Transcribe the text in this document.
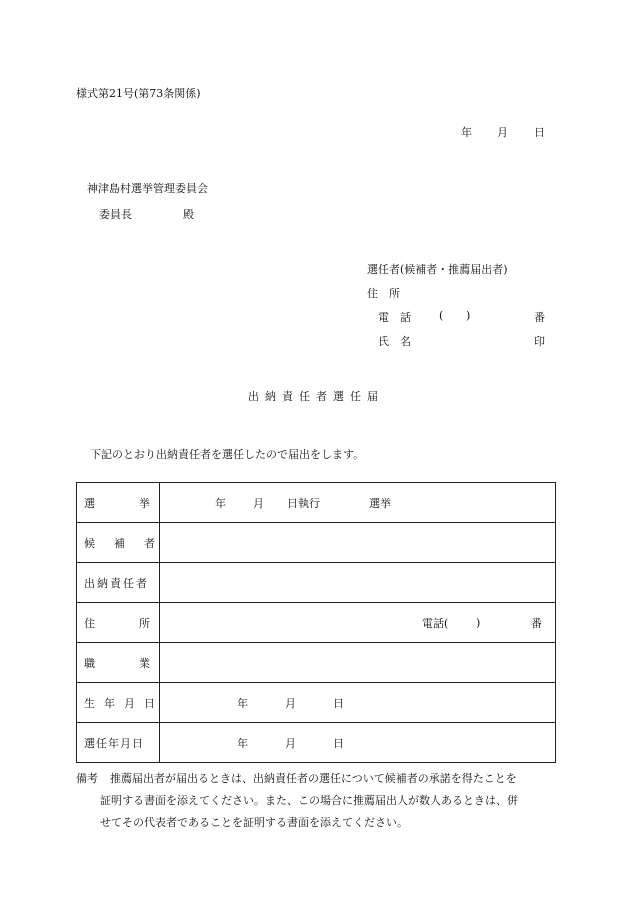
様式第21号(第73条関係)
年 月 日
神津島村選挙管理委員会
委員長	殿
選任者(候補者・推薦届出者)
住　所
電　話	( )	番
氏　名	印
出納責任者選任届
下記のとおり出納責任者を選任したので届出をします。
選挙	年 月 日執行 選挙

候補者	

出納責任者	

住所	電話( ) 番

職業	

生年月日	年 月 日

選任年月日	年 月 日
備考 推薦届出者が届出るときは、出納責任者の選任について候補者の承諾を得たことを
証明する書面を添えてください。また、この場合に推薦届出人が数人あるときは、併
せてその代表者であることを証明する書面を添えてください。
